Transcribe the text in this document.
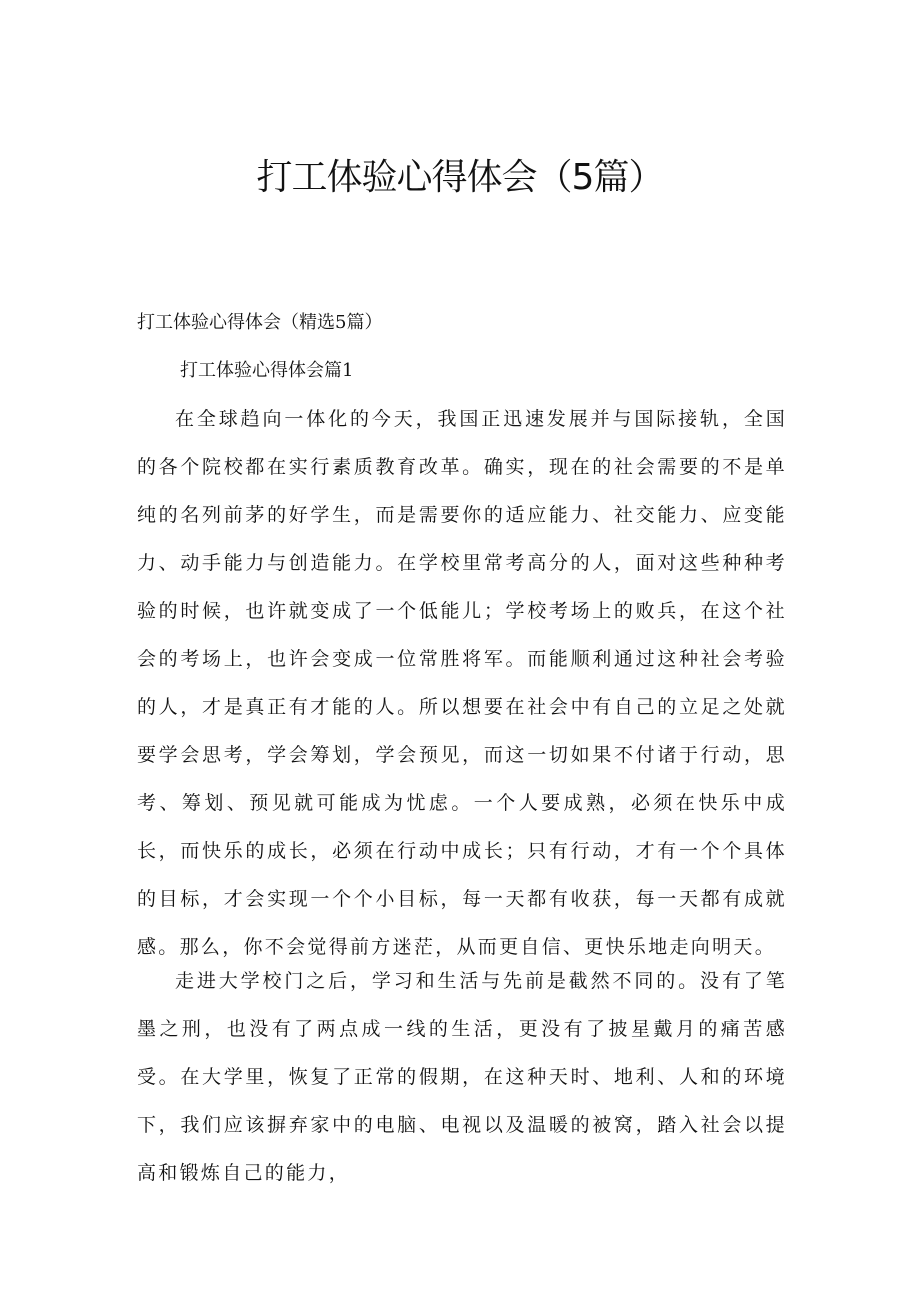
打工体验心得体会（5篇）

打工体验心得体会（精选5篇）

打工体验心得体会篇1

在全球趋向一体化的今天，我国正迅速发展并与国际接轨，全国的各个院校都在实行素质教育改革。确实，现在的社会需要的不是单纯的名列前茅的好学生，而是需要你的适应能力、社交能力、应变能力、动手能力与创造能力。在学校里常考高分的人，面对这些种种考验的时候，也许就变成了一个低能儿；学校考场上的败兵，在这个社会的考场上，也许会变成一位常胜将军。而能顺利通过这种社会考验的人，才是真正有才能的人。所以想要在社会中有自己的立足之处就要学会思考，学会筹划，学会预见，而这一切如果不付诸于行动，思考、筹划、预见就可能成为忧虑。一个人要成熟，必须在快乐中成长，而快乐的成长，必须在行动中成长；只有行动，才有一个个具体的目标，才会实现一个个小目标，每一天都有收获，每一天都有成就感。那么，你不会觉得前方迷茫，从而更自信、更快乐地走向明天。

走进大学校门之后，学习和生活与先前是截然不同的。没有了笔墨之刑，也没有了两点成一线的生活，更没有了披星戴月的痛苦感受。在大学里，恢复了正常的假期，在这种天时、地利、人和的环境下，我们应该摒弃家中的电脑、电视以及温暖的被窝，踏入社会以提高和锻炼自己的能力，
